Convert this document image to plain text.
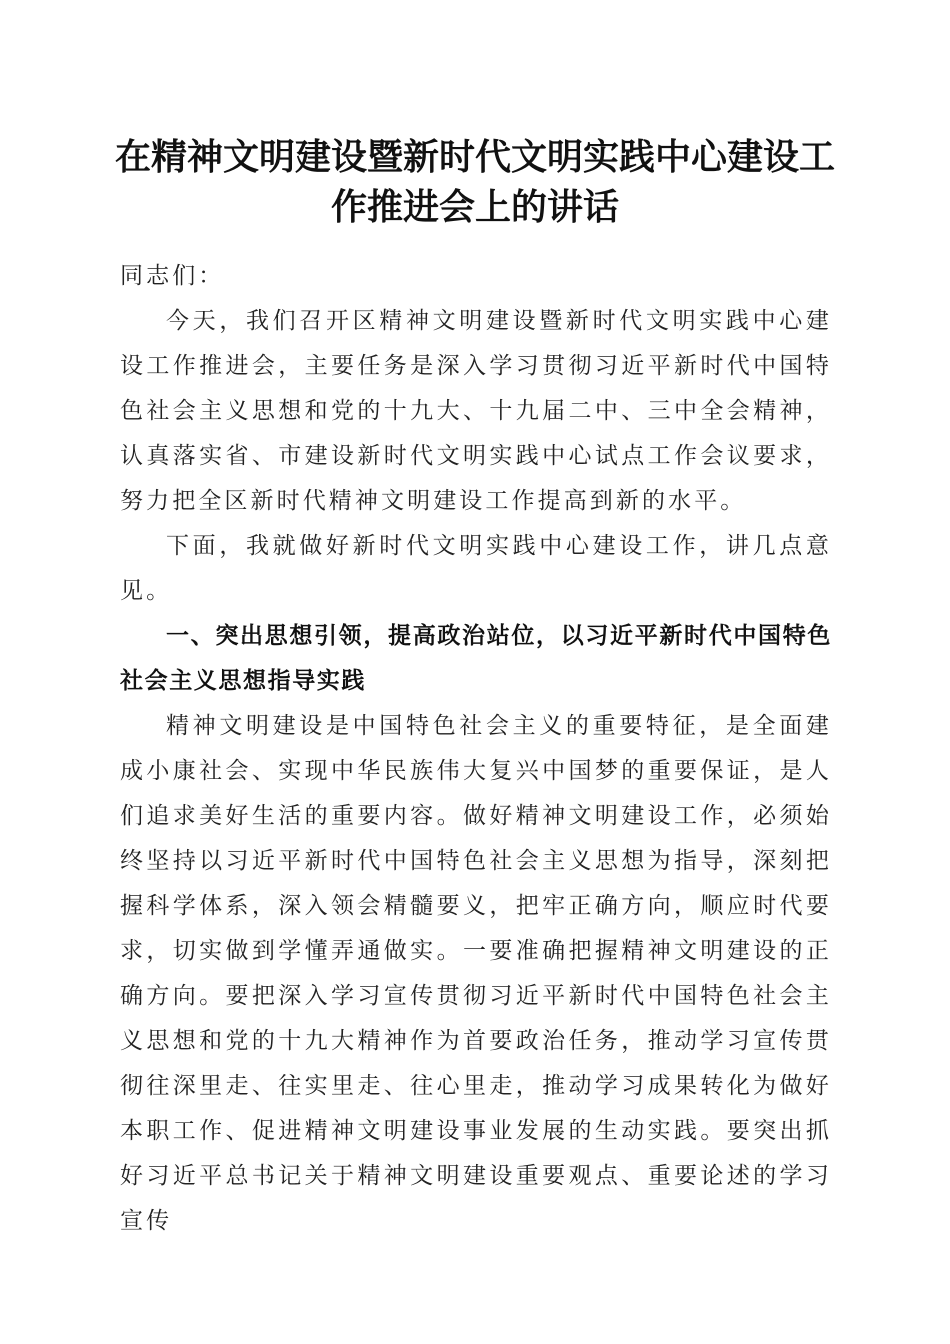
在精神文明建设暨新时代文明实践中心建设工
作推进会上的讲话

同志们：

今天，我们召开区精神文明建设暨新时代文明实践中心建设工作推进会，主要任务是深入学习贯彻习近平新时代中国特色社会主义思想和党的十九大、十九届二中、三中全会精神，认真落实省、市建设新时代文明实践中心试点工作会议要求，努力把全区新时代精神文明建设工作提高到新的水平。

下面，我就做好新时代文明实践中心建设工作，讲几点意见。

一、突出思想引领，提高政治站位，以习近平新时代中国特色社会主义思想指导实践

精神文明建设是中国特色社会主义的重要特征，是全面建成小康社会、实现中华民族伟大复兴中国梦的重要保证，是人们追求美好生活的重要内容。做好精神文明建设工作，必须始终坚持以习近平新时代中国特色社会主义思想为指导，深刻把握科学体系，深入领会精髓要义，把牢正确方向，顺应时代要求，切实做到学懂弄通做实。一要准确把握精神文明建设的正确方向。要把深入学习宣传贯彻习近平新时代中国特色社会主义思想和党的十九大精神作为首要政治任务，推动学习宣传贯彻往深里走、往实里走、往心里走，推动学习成果转化为做好本职工作、促进精神文明建设事业发展的生动实践。要突出抓好习近平总书记关于精神文明建设重要观点、重要论述的学习宣传
